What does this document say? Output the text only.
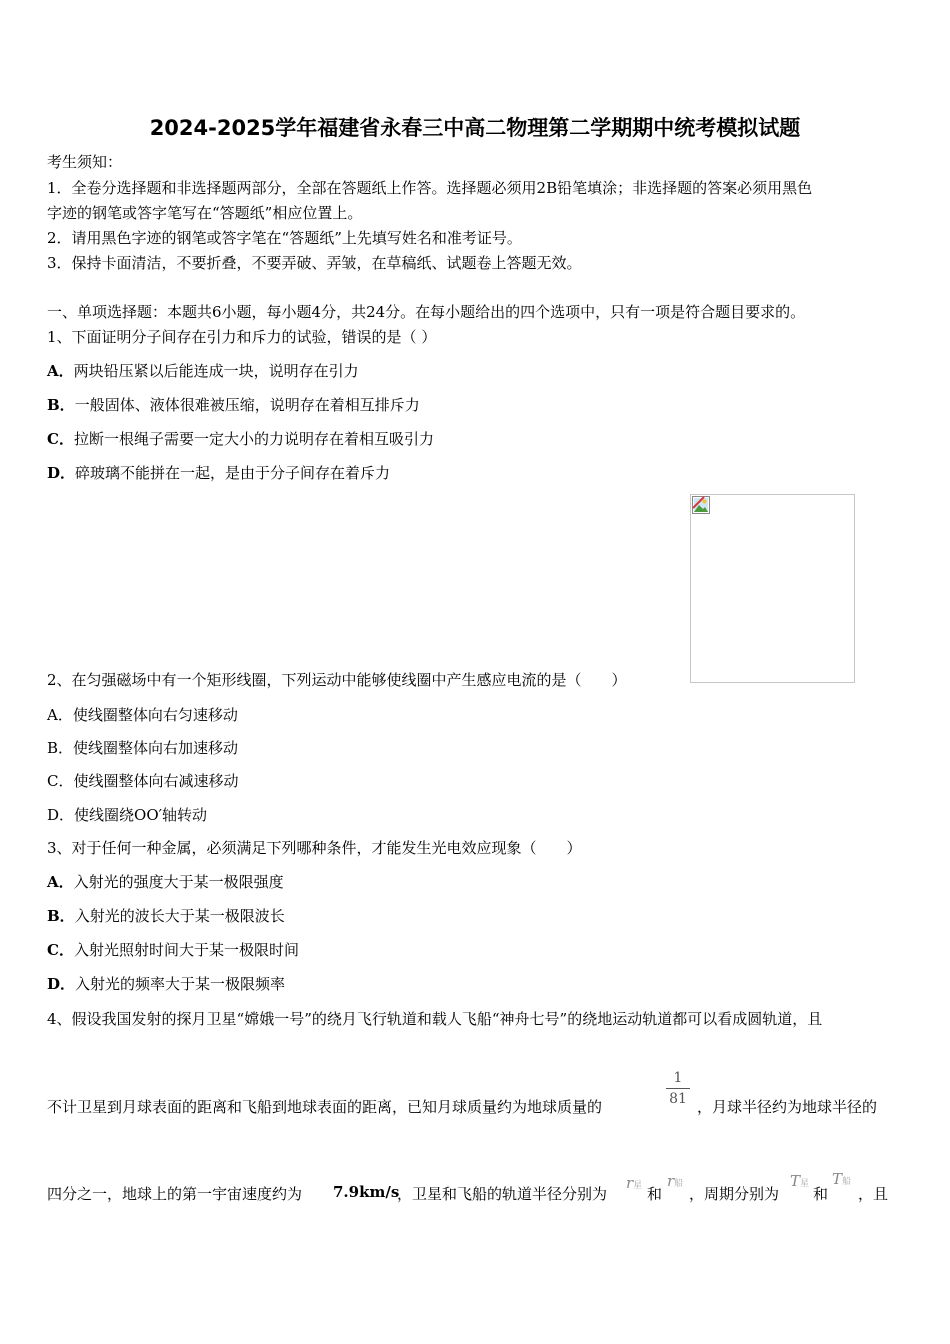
2024-2025学年福建省永春三中高二物理第二学期期中统考模拟试题
考生须知：
1．全卷分选择题和非选择题两部分，全部在答题纸上作答。选择题必须用2B铅笔填涂；非选择题的答案必须用黑色
字迹的钢笔或答字笔写在“答题纸”相应位置上。
2．请用黑色字迹的钢笔或答字笔在“答题纸”上先填写姓名和准考证号。
3．保持卡面清洁，不要折叠，不要弄破、弄皱，在草稿纸、试题卷上答题无效。
一、单项选择题：本题共6小题，每小题4分，共24分。在每小题给出的四个选项中，只有一项是符合题目要求的。
1、下面证明分子间存在引力和斥力的试验，错误的是（ ）
A．两块铅压紧以后能连成一块，说明存在引力
B．一般固体、液体很难被压缩，说明存在着相互排斥力
C．拉断一根绳子需要一定大小的力说明存在着相互吸引力
D．碎玻璃不能拼在一起，是由于分子间存在着斥力
2、在匀强磁场中有一个矩形线圈，下列运动中能够使线圈中产生感应电流的是（　　）
A．使线圈整体向右匀速移动
B．使线圈整体向右加速移动
C．使线圈整体向右减速移动
D．使线圈绕OO′轴转动
3、对于任何一种金属，必须满足下列哪种条件，才能发生光电效应现象（　　）
A．入射光的强度大于某一极限强度
B．入射光的波长大于某一极限波长
C．入射光照射时间大于某一极限时间
D．入射光的频率大于某一极限频率
4、假设我国发射的探月卫星“嫦娥一号”的绕月飞行轨道和载人飞船“神舟七号”的绕地运动轨道都可以看成圆轨道，且
不计卫星到月球表面的距离和飞船到地球表面的距离，已知月球质量约为地球质量的	$\frac{1}{81}$ ，月球半径约为地球半径的
四分之一，地球上的第一宇宙速度约为 7.9km/s
，卫星和飞船的轨道半径分别为
r星 和
r船
，周期分别为
T星
和
T船
，且
